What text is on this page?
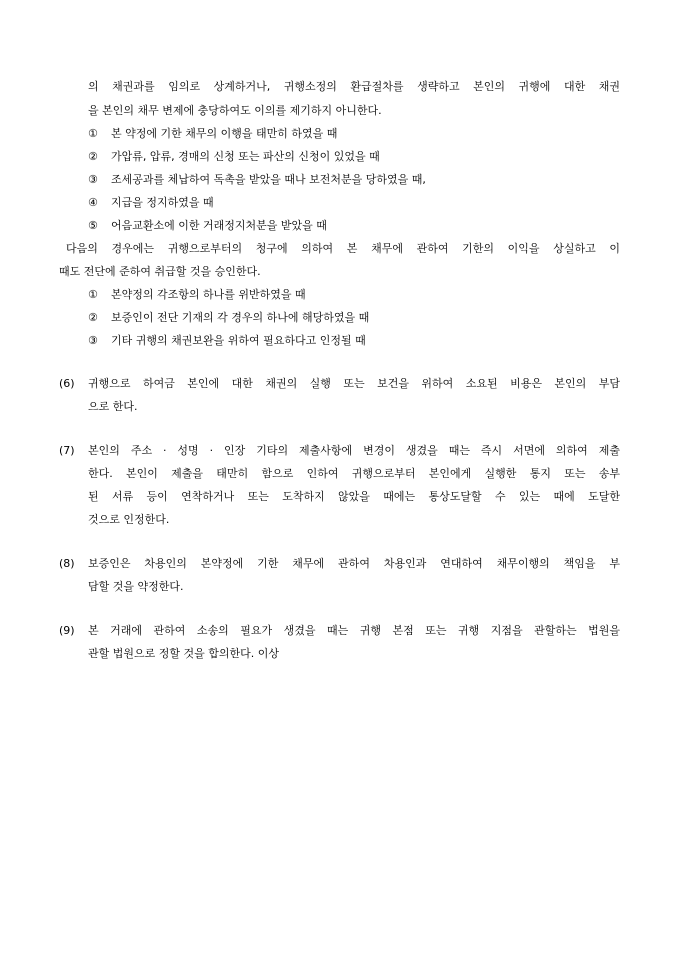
의 채권과를 임의로 상계하거나, 귀행소정의 환급절차를 생략하고 본인의 귀행에 대한 채권
을 본인의 채무 변제에 충당하여도 이의를 제기하지 아니한다.
① 본 약정에 기한 채무의 이행을 태만히 하였을 때
② 가압류, 압류, 경매의 신청 또는 파산의 신청이 있었을 때
③ 조세공과를 체납하여 독촉을 받았을 때나 보전처분을 당하였을 때,
④ 지급을 정지하였을 때
⑤ 어음교환소에 이한 거래정지처분을 받았을 때
다음의 경우에는 귀행으로부터의 청구에 의하여 본 채무에 관하여 기한의 이익을 상실하고 이
때도 전단에 준하여 취급할 것을 승인한다.
① 본약정의 각조항의 하나를 위반하였을 때
② 보증인이 전단 기재의 각 경우의 하나에 해당하였을 때
③ 기타 귀행의 채권보완을 위하여 필요하다고 인정될 때
(6) 귀행으로 하여금 본인에 대한 채권의 실행 또는 보건을 위하여 소요된 비용은 본인의 부담
으로 한다.
(7) 본인의 주소 · 성명 · 인장 기타의 제출사항에 변경이 생겼을 때는 즉시 서면에 의하여 제출
한다. 본인이 제출을 태만히 함으로 인하여 귀행으로부터 본인에게 실행한 통지 또는 송부
된 서류 등이 연착하거나 또는 도착하지 않았을 때에는 통상도달할 수 있는 때에 도달한
것으로 인정한다.
(8) 보증인은 차용인의 본약정에 기한 채무에 관하여 차용인과 연대하여 채무이행의 책임을 부
담할 것을 약정한다.
(9) 본 거래에 관하여 소송의 필요가 생겼을 때는 귀행 본점 또는 귀행 지점을 관할하는 법원을
관할 법원으로 정할 것을 합의한다. 이상
